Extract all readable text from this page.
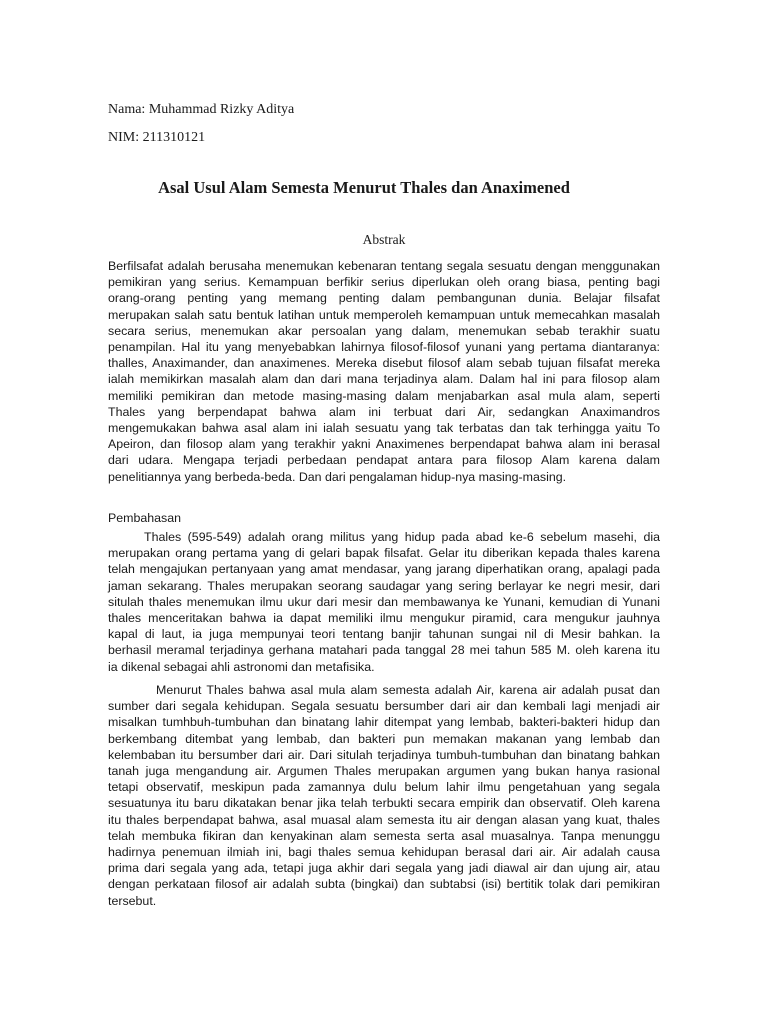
Nama: Muhammad Rizky Aditya
NIM: 211310121
Asal Usul Alam Semesta Menurut Thales dan Anaximened
Abstrak
Berfilsafat adalah berusaha menemukan kebenaran tentang segala sesuatu dengan menggunakan
pemikiran yang serius. Kemampuan berfikir serius diperlukan oleh orang biasa, penting bagi
orang-orang penting yang memang penting dalam pembangunan dunia. Belajar filsafat
merupakan salah satu bentuk latihan untuk memperoleh kemampuan untuk memecahkan masalah
secara serius, menemukan akar persoalan yang dalam, menemukan sebab terakhir suatu
penampilan. Hal itu yang menyebabkan lahirnya filosof-filosof yunani yang pertama diantaranya:
thalles, Anaximander, dan anaximenes. Mereka disebut filosof alam sebab tujuan filsafat mereka
ialah memikirkan masalah alam dan dari mana terjadinya alam. Dalam hal ini para filosop alam
memiliki pemikiran dan metode masing-masing dalam menjabarkan asal mula alam, seperti
Thales yang berpendapat bahwa alam ini terbuat dari Air, sedangkan Anaximandros
mengemukakan bahwa asal alam ini ialah sesuatu yang tak terbatas dan tak terhingga yaitu To
Apeiron, dan filosop alam yang terakhir yakni Anaximenes berpendapat bahwa alam ini berasal
dari udara. Mengapa terjadi perbedaan pendapat antara para filosop Alam karena dalam
penelitiannya yang berbeda-beda. Dan dari pengalaman hidup-nya masing-masing.
Pembahasan
Thales (595-549) adalah orang militus yang hidup pada abad ke-6 sebelum masehi, dia
merupakan orang pertama yang di gelari bapak filsafat. Gelar itu diberikan kepada thales karena
telah mengajukan pertanyaan yang amat mendasar, yang jarang diperhatikan orang, apalagi pada
jaman sekarang. Thales merupakan seorang saudagar yang sering berlayar ke negri mesir, dari
situlah thales menemukan ilmu ukur dari mesir dan membawanya ke Yunani, kemudian di Yunani
thales menceritakan bahwa ia dapat memiliki ilmu mengukur piramid, cara mengukur jauhnya
kapal di laut, ia juga mempunyai teori tentang banjir tahunan sungai nil di Mesir bahkan. Ia
berhasil meramal terjadinya gerhana matahari pada tanggal 28 mei tahun 585 M. oleh karena itu
ia dikenal sebagai ahli astronomi dan metafisika.
Menurut Thales bahwa asal mula alam semesta adalah Air, karena air adalah pusat dan
sumber dari segala kehidupan. Segala sesuatu bersumber dari air dan kembali lagi menjadi air
misalkan tumhbuh-tumbuhan dan binatang lahir ditempat yang lembab, bakteri-bakteri hidup dan
berkembang ditembat yang lembab, dan bakteri pun memakan makanan yang lembab dan
kelembaban itu bersumber dari air. Dari situlah terjadinya tumbuh-tumbuhan dan binatang bahkan
tanah juga mengandung air. Argumen Thales merupakan argumen yang bukan hanya rasional
tetapi observatif, meskipun pada zamannya dulu belum lahir ilmu pengetahuan yang segala
sesuatunya itu baru dikatakan benar jika telah terbukti secara empirik dan observatif. Oleh karena
itu thales berpendapat bahwa, asal muasal alam semesta itu air dengan alasan yang kuat, thales
telah membuka fikiran dan kenyakinan alam semesta serta asal muasalnya. Tanpa menunggu
hadirnya penemuan ilmiah ini, bagi thales semua kehidupan berasal dari air. Air adalah causa
prima dari segala yang ada, tetapi juga akhir dari segala yang jadi diawal air dan ujung air, atau
dengan perkataan filosof air adalah subta (bingkai) dan subtabsi (isi) bertitik tolak dari pemikiran
tersebut.
